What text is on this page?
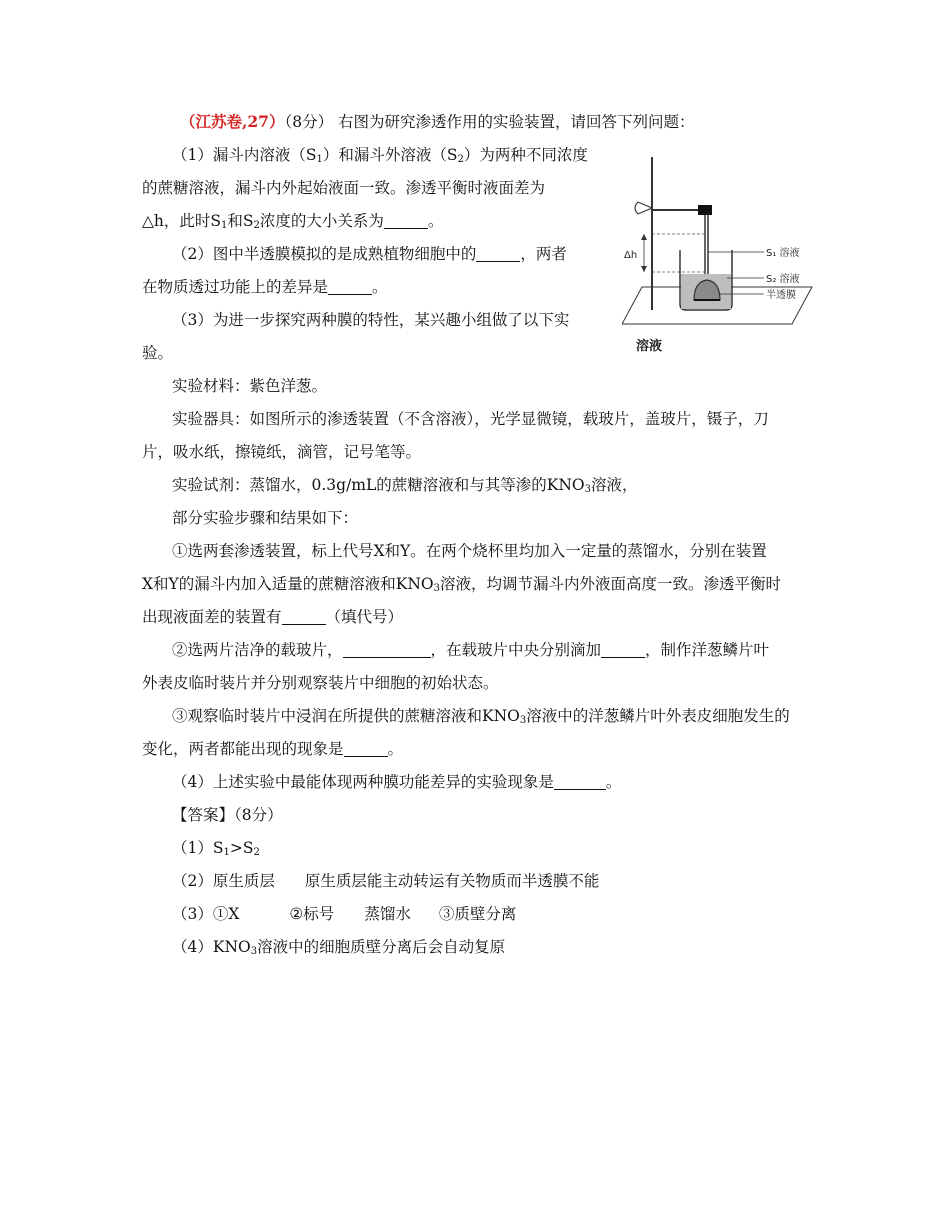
（江苏卷,27）（8分） 右图为研究渗透作用的实验装置，请回答下列问题：
（1）漏斗内溶液$(S_1)$和漏斗外溶液$(S_2)$为两种不同浓度
的蔗糖溶液，漏斗内外起始液面一致。渗透平衡时液面差为
△h，此时$S_1$和$S_2$浓度的大小关系为	。
（2）图中半透膜模拟的是成熟植物细胞中的	，两者
在物质透过功能上的差异是	。
（3）为进一步探究两种膜的特性，某兴趣小组做了以下实
验。
实验材料：紫色洋葱。
实验器具：如图所示的渗透装置（不含溶液），光学显微镜，载玻片，盖玻片，镊子，刀
片，吸水纸，擦镜纸，滴管，记号笔等。
实验试剂：蒸馏水，0.3g/mL的蔗糖溶液和与其等渗的$KNO_3$溶液，
部分实验步骤和结果如下：
①选两套渗透装置，标上代号X和Y。在两个烧杯里均加入一定量的蒸馏水，分别在装置
X和Y的漏斗内加入适量的蔗糖溶液和$KNO_3$溶液，均调节漏斗内外液面高度一致。渗透平衡时
出现液面差的装置有	（填代号）
②选两片洁净的载玻片，	，在载玻片中央分别滴加	，制作洋葱鳞片叶
外表皮临时装片并分别观察装片中细胞的初始状态。
③观察临时装片中浸润在所提供的蔗糖溶液和$KNO_3$溶液中的洋葱鳞片叶外表皮细胞发生的
变化，两者都能出现的现象是	。
（4）上述实验中最能体现两种膜功能差异的实验现象是	。
【答案】（8分）
$(1)S_1>S_2$
（2）原生质层 原生质层能主动转运有关物质而半透膜不能
（3）①X	②标号 蒸馏水 ③质壁分离
$(4)KNO_3$溶液中的细胞质壁分离后会自动复原
Δh	S₁ 溶液
S₂ 溶液
半透膜
溶液
